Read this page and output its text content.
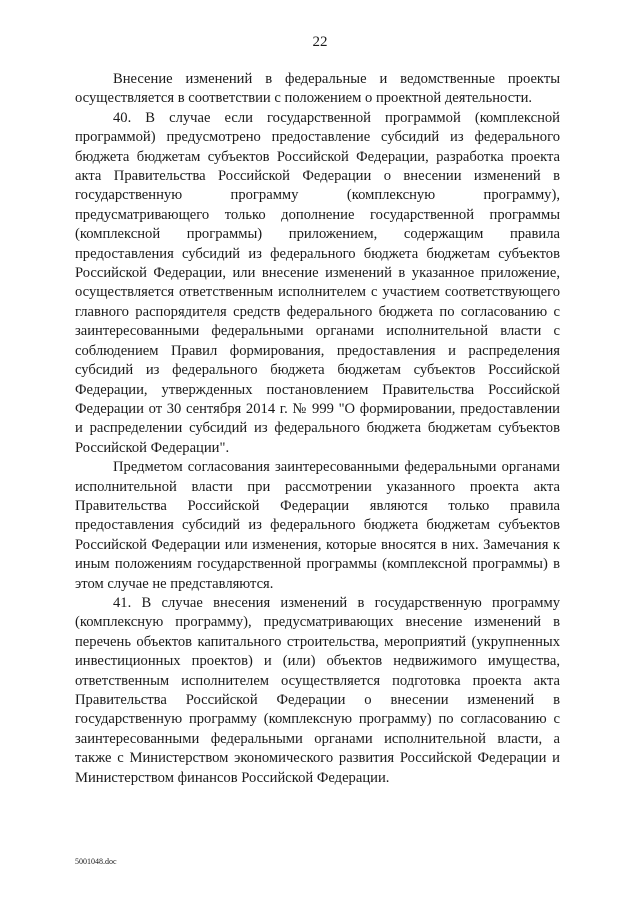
22

Внесение изменений в федеральные и ведомственные проекты осуществляется в соответствии с положением о проектной деятельности.

40. В случае если государственной программой (комплексной программой) предусмотрено предоставление субсидий из федерального бюджета бюджетам субъектов Российской Федерации, разработка проекта акта Правительства Российской Федерации о внесении изменений в государственную программу (комплексную программу), предусматривающего только дополнение государственной программы (комплексной программы) приложением, содержащим правила предоставления субсидий из федерального бюджета бюджетам субъектов Российской Федерации, или внесение изменений в указанное приложение, осуществляется ответственным исполнителем с участием соответствующего главного распорядителя средств федерального бюджета по согласованию с заинтересованными федеральными органами исполнительной власти с соблюдением Правил формирования, предоставления и распределения субсидий из федерального бюджета бюджетам субъектов Российской Федерации, утвержденных постановлением Правительства Российской Федерации от 30 сентября 2014 г. № 999 "О формировании, предоставлении и распределении субсидий из федерального бюджета бюджетам субъектов Российской Федерации".

Предметом согласования заинтересованными федеральными органами исполнительной власти при рассмотрении указанного проекта акта Правительства Российской Федерации являются только правила предоставления субсидий из федерального бюджета бюджетам субъектов Российской Федерации или изменения, которые вносятся в них. Замечания к иным положениям государственной программы (комплексной программы) в этом случае не представляются.

41. В случае внесения изменений в государственную программу (комплексную программу), предусматривающих внесение изменений в перечень объектов капитального строительства, мероприятий (укрупненных инвестиционных проектов) и (или) объектов недвижимого имущества, ответственным исполнителем осуществляется подготовка проекта акта Правительства Российской Федерации о внесении изменений в государственную программу (комплексную программу) по согласованию с заинтересованными федеральными органами исполнительной власти, а также с Министерством экономического развития Российской Федерации и Министерством финансов Российской Федерации.

5001048.doc
